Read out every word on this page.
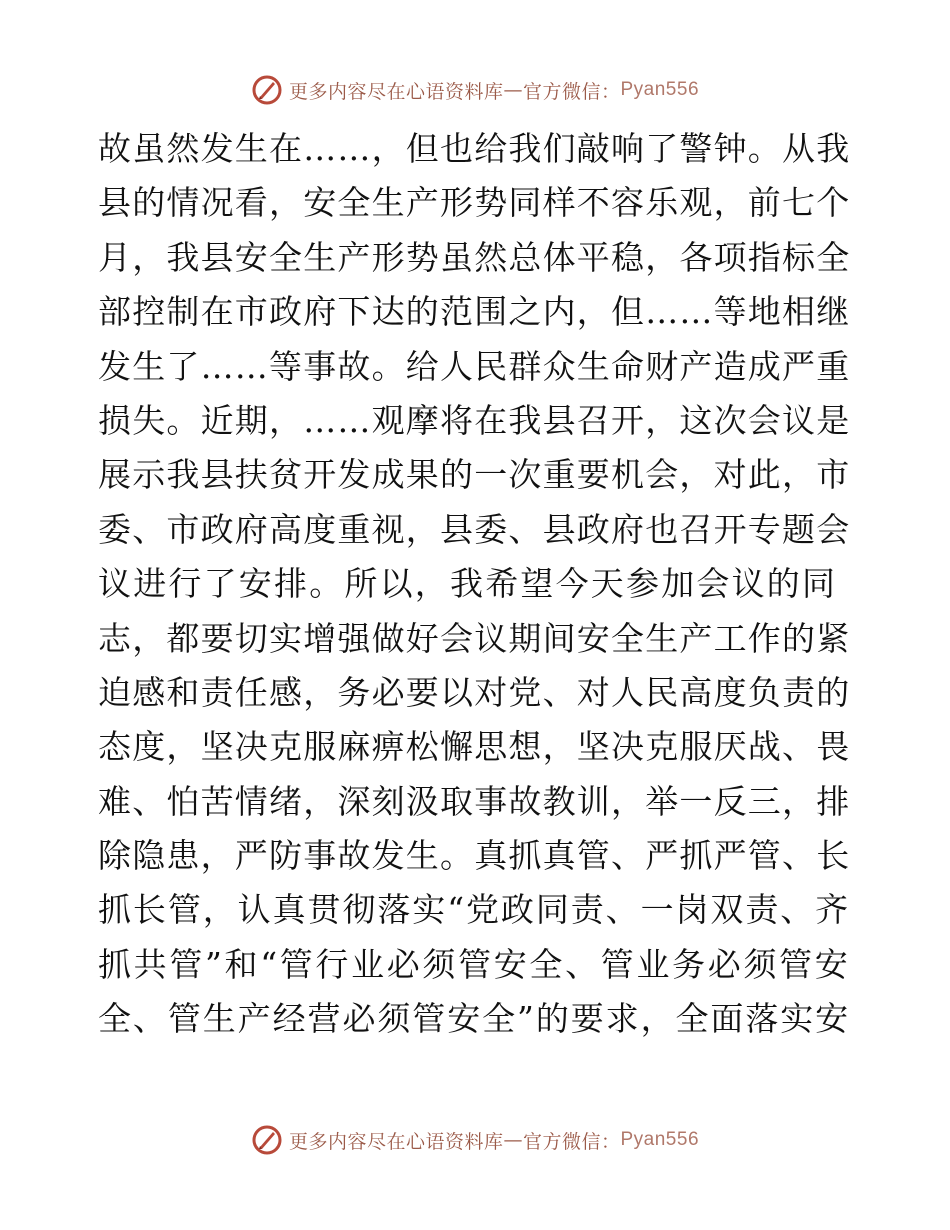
更多内容尽在心语资料库 — 官方微信： Pyan556
故虽然发生在……，但也给我们敲响了警钟。从我
县的情况看，安全生产形势同样不容乐观，前七个
月，我县安全生产形势虽然总体平稳，各项指标全
部控制在市政府下达的范围之内，但……等地相继
发生了……等事故。给人民群众生命财产造成严重
损失。近期，……观摩将在我县召开，这次会议是
展示我县扶贫开发成果的一次重要机会，对此，市
委、市政府高度重视，县委、县政府也召开专题会
议进行了安排。所以，我希望今天参加会议的同
志，都要切实增强做好会议期间安全生产工作的紧
迫感和责任感，务必要以对党、对人民高度负责的
态度，坚决克服麻痹松懈思想，坚决克服厌战、畏
难、怕苦情绪，深刻汲取事故教训，举一反三，排
除隐患，严防事故发生。真抓真管、严抓严管、长
抓长管，认真贯彻落实“党政同责、一岗双责、齐
抓共管”和“管行业必须管安全、管业务必须管安
全、管生产经营必须管安全”的要求，全面落实安
更多内容尽在心语资料库 — 官方微信： Pyan556
